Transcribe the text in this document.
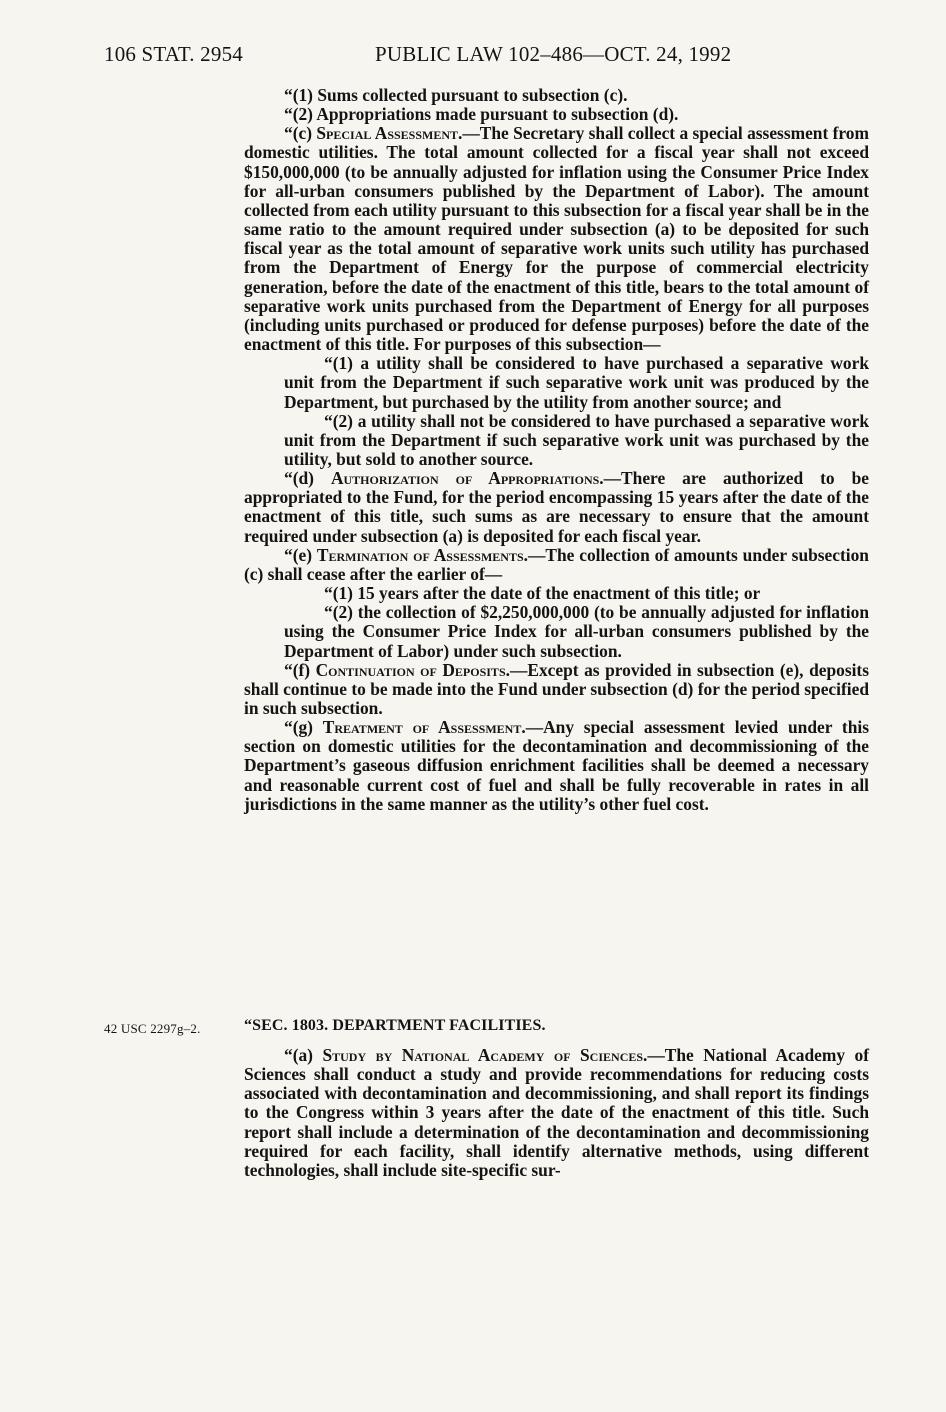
106 STAT. 2954	PUBLIC LAW 102–486—OCT. 24, 1992

“(1) Sums collected pursuant to subsection (c).

“(2) Appropriations made pursuant to subsection (d).

“(c) Special Assessment.—The Secretary shall collect a special assessment from domestic utilities. The total amount collected for a fiscal year shall not exceed $150,000,000 (to be annually adjusted for inflation using the Consumer Price Index for all-urban consumers published by the Department of Labor). The amount collected from each utility pursuant to this subsection for a fiscal year shall be in the same ratio to the amount required under subsection (a) to be deposited for such fiscal year as the total amount of separative work units such utility has purchased from the Department of Energy for the purpose of commercial electricity generation, before the date of the enactment of this title, bears to the total amount of separative work units purchased from the Department of Energy for all purposes (including units purchased or produced for defense purposes) before the date of the enactment of this title. For purposes of this subsection—

“(1) a utility shall be considered to have purchased a separative work unit from the Department if such separative work unit was produced by the Department, but purchased by the utility from another source; and

“(2) a utility shall not be considered to have purchased a separative work unit from the Department if such separative work unit was purchased by the utility, but sold to another source.

“(d) Authorization of Appropriations.—There are authorized to be appropriated to the Fund, for the period encompassing 15 years after the date of the enactment of this title, such sums as are necessary to ensure that the amount required under subsection (a) is deposited for each fiscal year.

“(e) Termination of Assessments.—The collection of amounts under subsection (c) shall cease after the earlier of—

“(1) 15 years after the date of the enactment of this title; or

“(2) the collection of $2,250,000,000 (to be annually adjusted for inflation using the Consumer Price Index for all-urban consumers published by the Department of Labor) under such subsection.

“(f) Continuation of Deposits.—Except as provided in subsection (e), deposits shall continue to be made into the Fund under subsection (d) for the period specified in such subsection.

“(g) Treatment of Assessment.—Any special assessment levied under this section on domestic utilities for the decontamination and decommissioning of the Department’s gaseous diffusion enrichment facilities shall be deemed a necessary and reasonable current cost of fuel and shall be fully recoverable in rates in all jurisdictions in the same manner as the utility’s other fuel cost.

42 USC 2297g–2.	“SEC. 1803. DEPARTMENT FACILITIES.

“(a) Study by National Academy of Sciences.—The National Academy of Sciences shall conduct a study and provide recommendations for reducing costs associated with decontamination and decommissioning, and shall report its findings to the Congress within 3 years after the date of the enactment of this title. Such report shall include a determination of the decontamination and decommissioning required for each facility, shall identify alternative methods, using different technologies, shall include site-specific sur-
